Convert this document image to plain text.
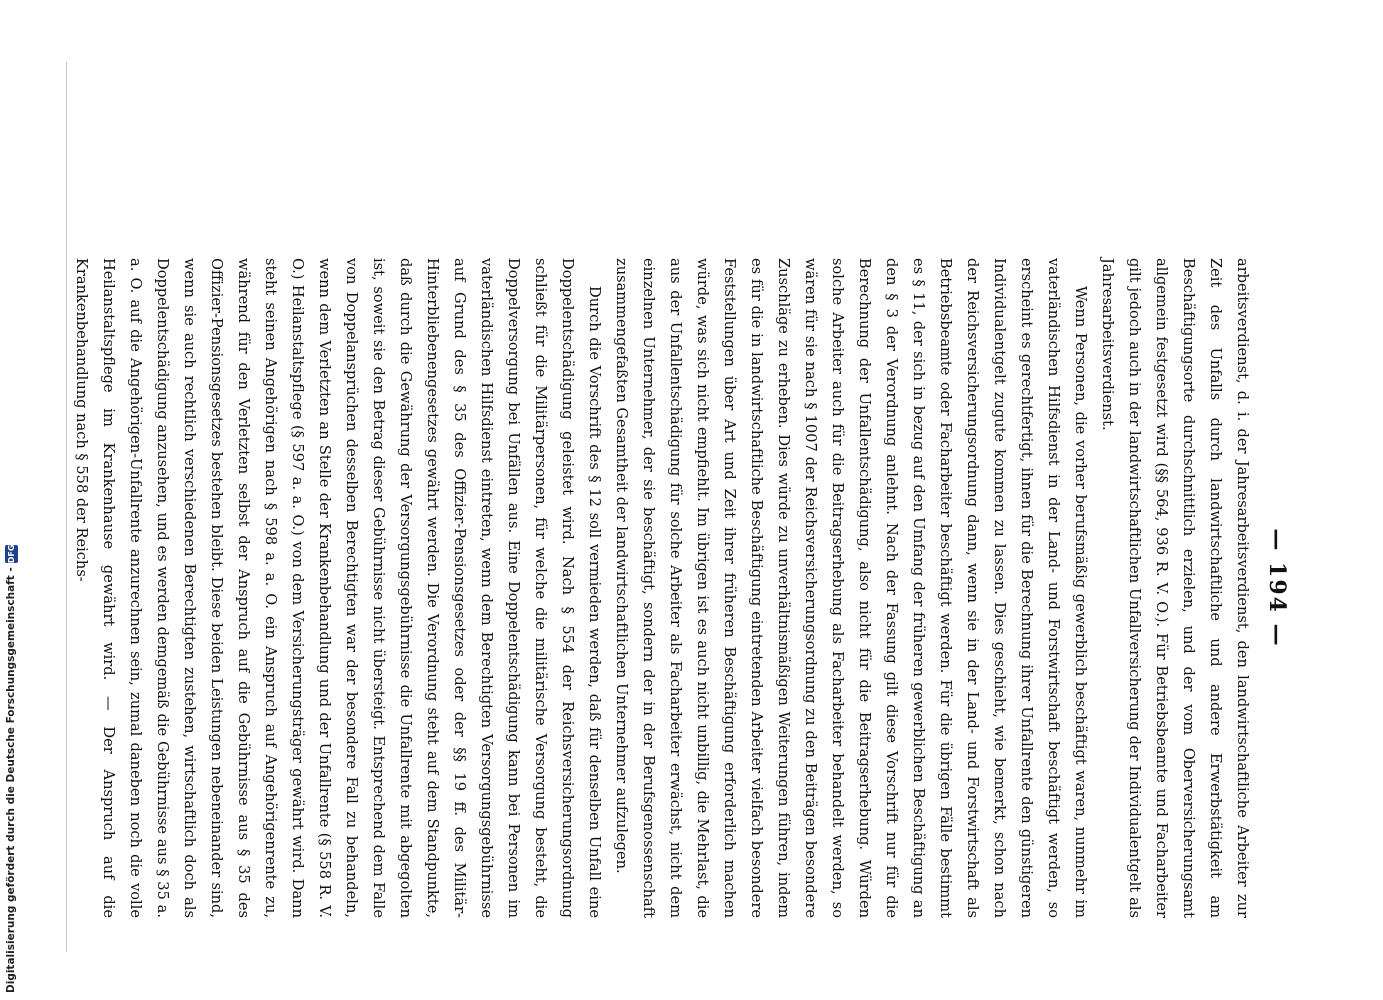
Digitalisierung gefördert durch die Deutsche Forschungsgemeinschaft -
DFG	— 194 —

arbeitsverdienst, d. i. der Jahresarbeitsverdienst, den landwirtschaftliche Arbeiter zur Zeit des Unfalls durch landwirtschaftliche und andere Erwerbstätigkeit am Beschäftigungsorte durchschnittlich erzielen, und der vom Oberversicherungsamt allgemein festgesetzt wird (§§ 564, 936 R. V. O.). Für Betriebsbeamte und Facharbeiter gilt jedoch auch in der landwirtschaftlichen Unfallversicherung der Individualentgelt als Jahresarbeitsverdienst.

Wenn Personen, die vorher berufsmäßig gewerblich beschäftigt waren, nunmehr im vaterländischen Hilfsdienst in der Land- und Forstwirtschaft beschäftigt werden, so erscheint es gerechtfertigt, ihnen für die Berechnung ihrer Unfallrente den günstigeren Individualentgelt zugute kommen zu lassen. Dies geschieht, wie bemerkt, schon nach der Reichsversicherungsordnung dann, wenn sie in der Land- und Forstwirtschaft als Betriebsbeamte oder Facharbeiter beschäftigt werden. Für die übrigen Fälle bestimmt es § 11, der sich in bezug auf den Umfang der früheren gewerblichen Beschäftigung an den § 3 der Verordnung anlehnt. Nach der Fassung gilt diese Vorschrift nur für die Berechnung der Unfallentschädigung, also nicht für die Beitragserhebung. Würden solche Arbeiter auch für die Beitragserhebung als Facharbeiter behandelt werden, so wären für sie nach § 1007 der Reichsversicherungsordnung zu den Beiträgen besondere Zuschläge zu erheben. Dies würde zu unverhältnismäßigen Weiterungen führen, indem es für die in landwirtschaftliche Beschäftigung eintretenden Arbeiter vielfach besondere Feststellungen über Art und Zeit ihrer früheren Beschäftigung erforderlich machen würde, was sich nicht empfiehlt. Im übrigen ist es auch nicht unbillig, die Mehrlast, die aus der Unfallentschädigung für solche Arbeiter als Facharbeiter erwächst, nicht dem einzelnen Unternehmer, der sie beschäftigt, sondern der in der Berufsgenossenschaft zusammengefaßten Gesamtheit der landwirtschaftlichen Unternehmer aufzulegen.

Durch die Vorschrift des § 12 soll vermieden werden, daß für denselben Unfall eine Doppelentschädigung geleistet wird. Nach § 554 der Reichsversicherungsordnung schließt für die Militärpersonen, für welche die militärische Versorgung besteht, die Doppelversorgung bei Unfällen aus. Eine Doppelentschädigung kann bei Personen im vaterländischen Hilfsdienst eintreten, wenn dem Berechtigten Versorgungsgebührnisse auf Grund des § 35 des Offizier-Pensionsgesetzes oder der §§ 19 ff. des Militär-Hinterbliebenengesetzes gewährt werden. Die Verordnung steht auf dem Standpunkte, daß durch die Gewährung der Versorgungsgebührnisse die Unfallrente mit abgegolten ist, soweit sie den Betrag dieser Gebührnisse nicht übersteigt. Entsprechend dem Falle von Doppelansprüchen desselben Berechtigten war der besondere Fall zu behandeln, wenn dem Verletzten an Stelle der Krankenbehandlung und der Unfallrente (§ 558 R. V. O.) Heilanstaltspflege (§ 597 a. a. O.) von dem Versicherungsträger gewährt wird. Dann steht seinen Angehörigen nach § 598 a. a. O. ein Anspruch auf Angehörigenrente zu, während für den Verletzten selbst der Anspruch auf die Gebührnisse aus § 35 des Offizier-Pensionsgesetzes bestehen bleibt. Diese beiden Leistungen nebeneinander sind, wenn sie auch rechtlich verschiedenen Berechtigten zustehen, wirtschaftlich doch als Doppelentschädigung anzusehen, und es werden demgemäß die Gebührnisse aus § 35 a. a. O. auf die Angehörigen-Unfallrente anzurechnen sein, zumal daneben noch die volle Heilanstaltspflege im Krankenhause gewährt wird. — Der Anspruch auf die Krankenbehandlung nach § 558 der Reichs-
